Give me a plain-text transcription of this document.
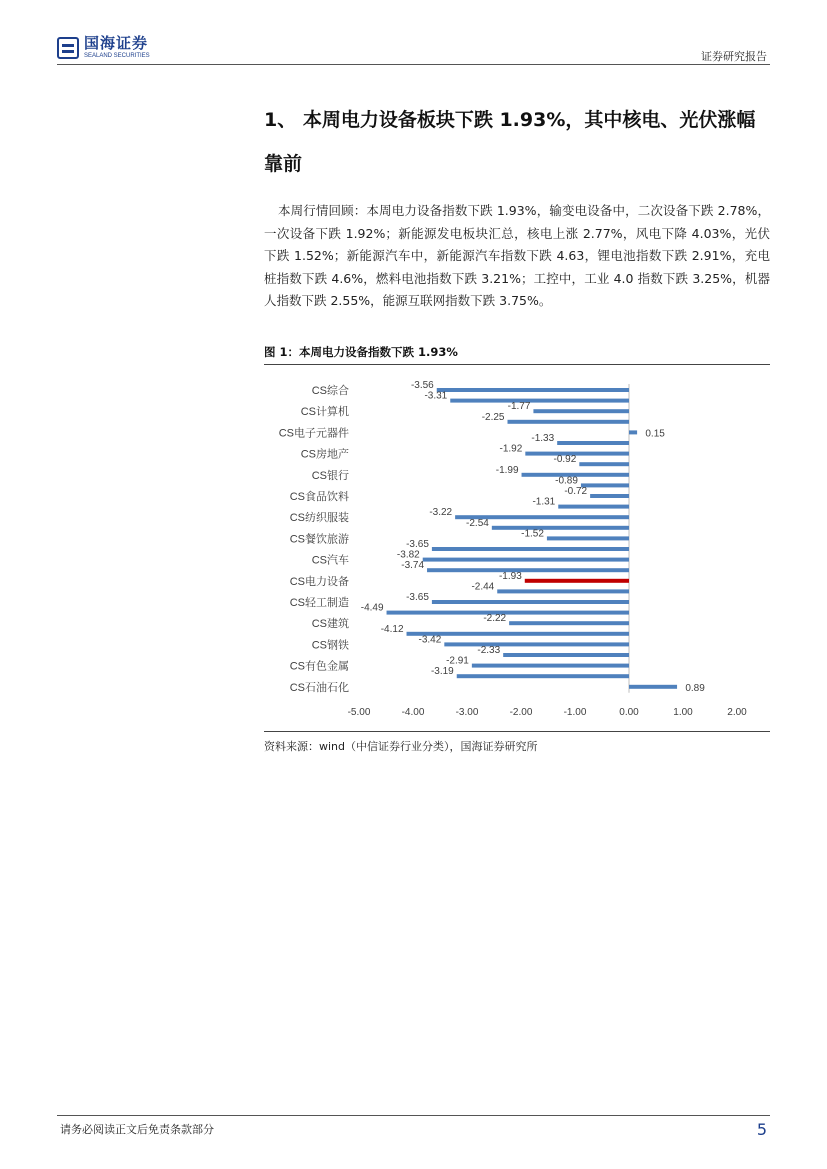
国海证券
SEALAND SECURITIES	证券研究报告
1、 本周电力设备板块下跌 1.93%，其中核电、光伏涨幅靠前
本周行情回顾：本周电力设备指数下跌 1.93%，输变电设备中，二次设备下跌 2.78%，一次设备下跌 1.92%；新能源发电板块汇总，核电上涨 2.77%，风电下降 4.03%，光伏下跌 1.52%；新能源汽车中，新能源汽车指数下跌 4.63，锂电池指数下跌 2.91%，充电桩指数下跌 4.6%，燃料电池指数下跌 3.21%；工控中，工业 4.0 指数下跌 3.25%，机器人指数下跌 2.55%，能源互联网指数下跌 3.75%。
图 1：本周电力设备指数下跌 1.93%
-3.56
CS综合	-3.31
-1.77
CS计算机	-2.25
0.15
CS电子元器件	-1.33
-1.92
CS房地产	-0.92
-1.99
CS银行	-0.89
-0.72
CS食品饮料	-1.31
-3.22
CS纺织服装	-2.54
-1.52
CS餐饮旅游	-3.65
-3.82
CS汽车	-3.74
-1.93
CS电力设备	-2.44
-3.65
CS轻工制造 -4.49
-2.22
CS建筑	-4.12
-3.42
CS钢铁	-2.33
-2.91
CS有色金属	-3.19
0.89
CS石油石化
-5.00	-4.00	-3.00	-2.00	-1.00	0.00	1.00	2.00
资料来源：wind（中信证券行业分类），国海证券研究所
请务必阅读正文后免责条款部分	5
